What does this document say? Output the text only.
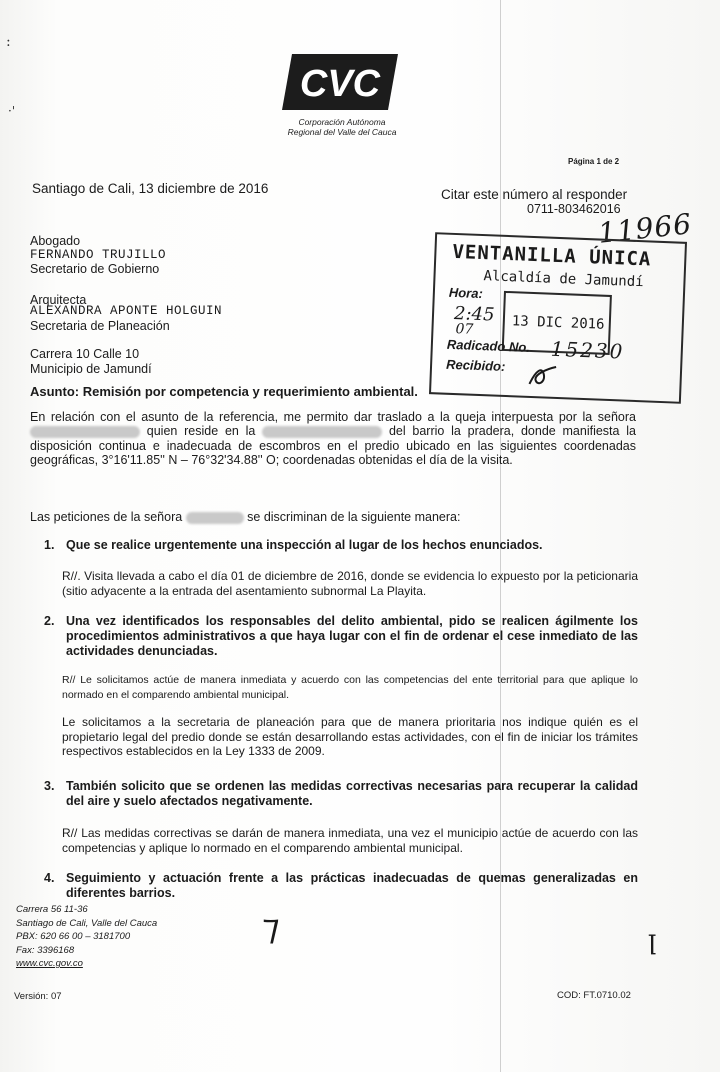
:
·'
CVC
Corporación Autónoma
Regional del Valle del Cauca
Página 1 de 2
Santiago de Cali, 13 diciembre de 2016	Citar este número al responder
0711-803462016
11966
Abogado
FERNANDO TRUJILLO
Secretario de Gobierno
Arquitecta
ALEXANDRA APONTE HOLGUIN
Secretaria de Planeación
Carrera 10 Calle 10
Municipio de Jamundí
VENTANILLA ÚNICA
Alcaldía de Jamundí
Hora:
2:45
07	13 DIC 2016
Radicado No. 15230
Recibido:
Asunto: Remisión por competencia y requerimiento ambiental.
En relación con el asunto de la referencia, me permito dar traslado a la queja interpuesta por la señora  quien reside en la	del barrio la pradera, donde manifiesta la disposición continua e inadecuada de escombros en el predio ubicado en las siguientes coordenadas geográficas, 3°16'11.85'' N – 76°32'34.88'' O; coordenadas obtenidas el día de la visita.
Las peticiones de la señora	se discriminan de la siguiente manera:
1. Que se realice urgentemente una inspección al lugar de los hechos enunciados.
R//. Visita llevada a cabo el día 01 de diciembre de 2016, donde se evidencia lo expuesto por la peticionaria (sitio adyacente a la entrada del asentamiento subnormal La Playita.
2. Una vez identificados los responsables del delito ambiental, pido se realicen ágilmente los procedimientos administrativos a que haya lugar con el fin de ordenar el cese inmediato de las actividades denunciadas.
R// Le solicitamos actúe de manera inmediata y acuerdo con las competencias del ente territorial para que aplique lo normado en el comparendo ambiental municipal.
Le solicitamos a la secretaria de planeación para que de manera prioritaria nos indique quién es el propietario legal del predio donde se están desarrollando estas actividades, con el fin de iniciar los trámites respectivos establecidos en la Ley 1333 de 2009.
3. También solicito que se ordenen las medidas correctivas necesarias para recuperar la calidad del aire y suelo afectados negativamente.
R// Las medidas correctivas se darán de manera inmediata, una vez el municipio actúe de acuerdo con las competencias y aplique lo normado en el comparendo ambiental municipal.
4. Seguimiento y actuación frente a las prácticas inadecuadas de quemas generalizadas en diferentes barrios.
⁊	ꞁ
Carrera 56 11-36
Santiago de Cali, Valle del Cauca
PBX: 620 66 00 – 3181700
Fax: 3396168
www.cvc.gov.co
Versión: 07	COD: FT.0710.02
